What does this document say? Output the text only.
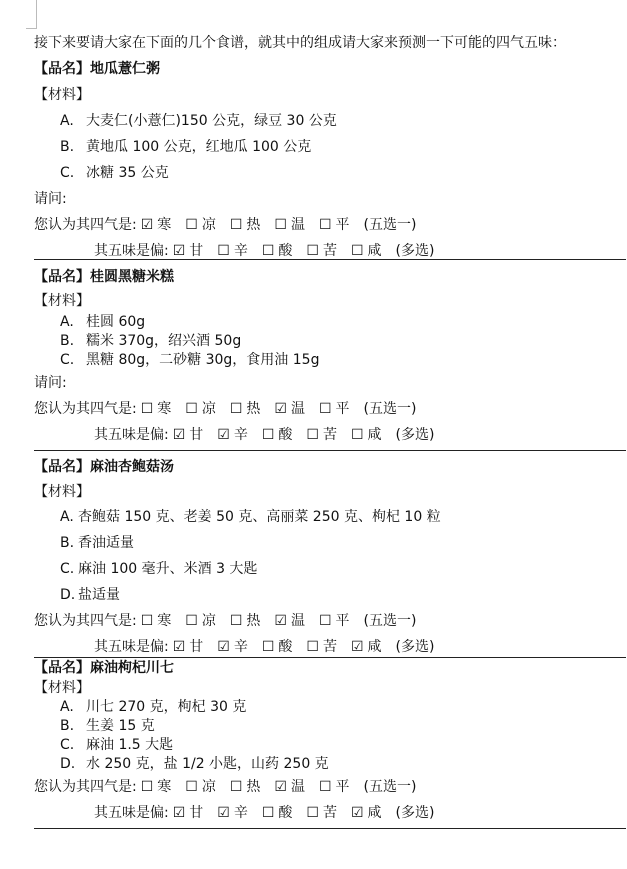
接下来要请大家在下面的几个食谱，就其中的组成请大家来预测一下可能的四气五味：
【品名】地瓜薏仁粥
【材料】
A. 大麦仁(小薏仁)150 公克，绿豆 30 公克
B. 黄地瓜 100 公克，红地瓜 100 公克
C. 冰糖 35 公克
请问:
您认为其四气是: ☑ 寒 ☐ 凉 ☐ 热 ☐ 温 ☐ 平 (五选一)
其五味是偏: ☑ 甘 ☐ 辛 ☐ 酸 ☐ 苦 ☐ 咸 (多选)
【品名】桂圆黑糖米糕
【材料】
A. 桂圆 60g
B. 糯米 370g，绍兴酒 50g
C. 黑糖 80g，二砂糖 30g，食用油 15g
请问:
您认为其四气是: ☐ 寒 ☐ 凉 ☐ 热 ☑ 温 ☐ 平 (五选一)
其五味是偏: ☑ 甘 ☑ 辛 ☐ 酸 ☐ 苦 ☐ 咸 (多选)
【品名】麻油杏鲍菇汤
【材料】
A. 杏鲍菇 150 克、老姜 50 克、高丽菜 250 克、枸杞 10 粒
B. 香油适量
C. 麻油 100 毫升、米酒 3 大匙
D. 盐适量
您认为其四气是: ☐ 寒 ☐ 凉 ☐ 热 ☑ 温 ☐ 平 (五选一)
其五味是偏: ☑ 甘 ☑ 辛 ☐ 酸 ☐ 苦 ☑ 咸 (多选)
【品名】麻油枸杞川七
【材料】
A. 川七 270 克，枸杞 30 克
B. 生姜 15 克
C. 麻油 1.5 大匙
D. 水 250 克，盐 1/2 小匙，山药 250 克
您认为其四气是: ☐ 寒 ☐ 凉 ☐ 热 ☑ 温 ☐ 平 (五选一)
其五味是偏: ☑ 甘 ☑ 辛 ☐ 酸 ☐ 苦 ☑ 咸 (多选)
